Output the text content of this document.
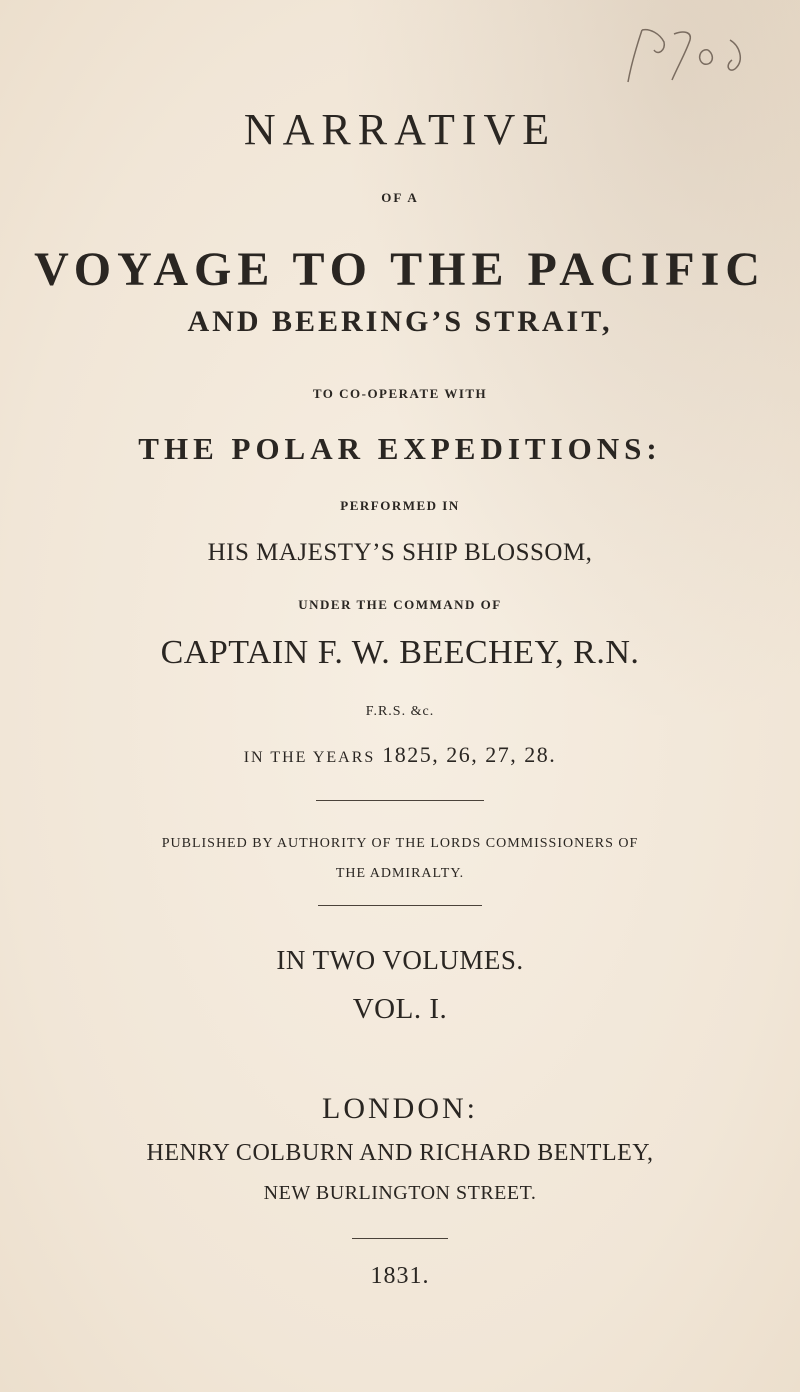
NARRATIVE
OF A
VOYAGE TO THE PACIFIC
AND BEERING’S STRAIT,
TO CO-OPERATE WITH
THE POLAR EXPEDITIONS:
PERFORMED IN
HIS MAJESTY’S SHIP BLOSSOM,
UNDER THE COMMAND OF
CAPTAIN F. W. BEECHEY, R.N.
F.R.S. &c.
IN THE YEARS 1825, 26, 27, 28.
PUBLISHED BY AUTHORITY OF THE LORDS COMMISSIONERS OF
THE ADMIRALTY.
IN TWO VOLUMES.
VOL. I.
LONDON:
HENRY COLBURN AND RICHARD BENTLEY,
NEW BURLINGTON STREET.
1831.
